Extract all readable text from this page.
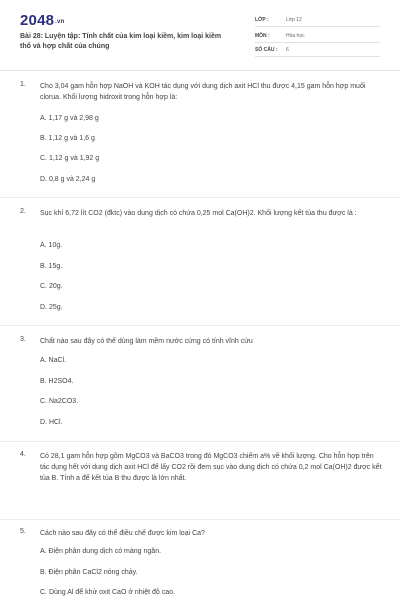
2048.vn
Bài 28: Luyện tập: Tính chất của kim loại kiềm, kim loại kiềm thổ và hợp chất của chúng
LỚP :	Lớp 12
MÔN :	Hóa học
SỐ CÂU : 6
1. Cho 3,04 gam hỗn hợp NaOH và KOH tác dụng với dung dịch axit HCl thu được 4,15 gam hỗn hợp muối clorua. Khối lượng hidroxit trong hỗn hợp là:

A. 1,17 g và 2,98 g
B. 1,12 g và 1,6 g
C. 1,12 g và 1,92 g
D. 0,8 g và 2,24 g
2. Sục khí 6,72 lít CO2 (đktc) vào dung dịch có chứa 0,25 mol Ca(OH)2. Khối lượng kết tủa thu được là :

A. 10g.
B. 15g.
C. 20g.
D. 25g.
3. Chất nào sau đây có thể dùng làm mềm nước cứng có tính vĩnh cửu

A. NaCl.
B. H2SO4.
C. Na2CO3.
D. HCl.
4. Có 28,1 gam hỗn hợp gồm MgCO3 và BaCO3 trong đó MgCO3 chiếm a% về khối lượng. Cho hỗn hợp trên tác dụng hết với dung dịch axit HCl để lấy CO2 rồi đem sục vào dung dịch có chứa 0,2 mol Ca(OH)2 được kết tủa B. Tính a để kết tủa B thu được là lớn nhất.

5. Cách nào sau đây có thể điều chế được kim loại Ca?

A. Điện phân dung dịch có màng ngăn.
B. Điện phân CaCl2 nóng chảy.
C. Dùng Al để khử oxit CaO ở nhiệt độ cao.
